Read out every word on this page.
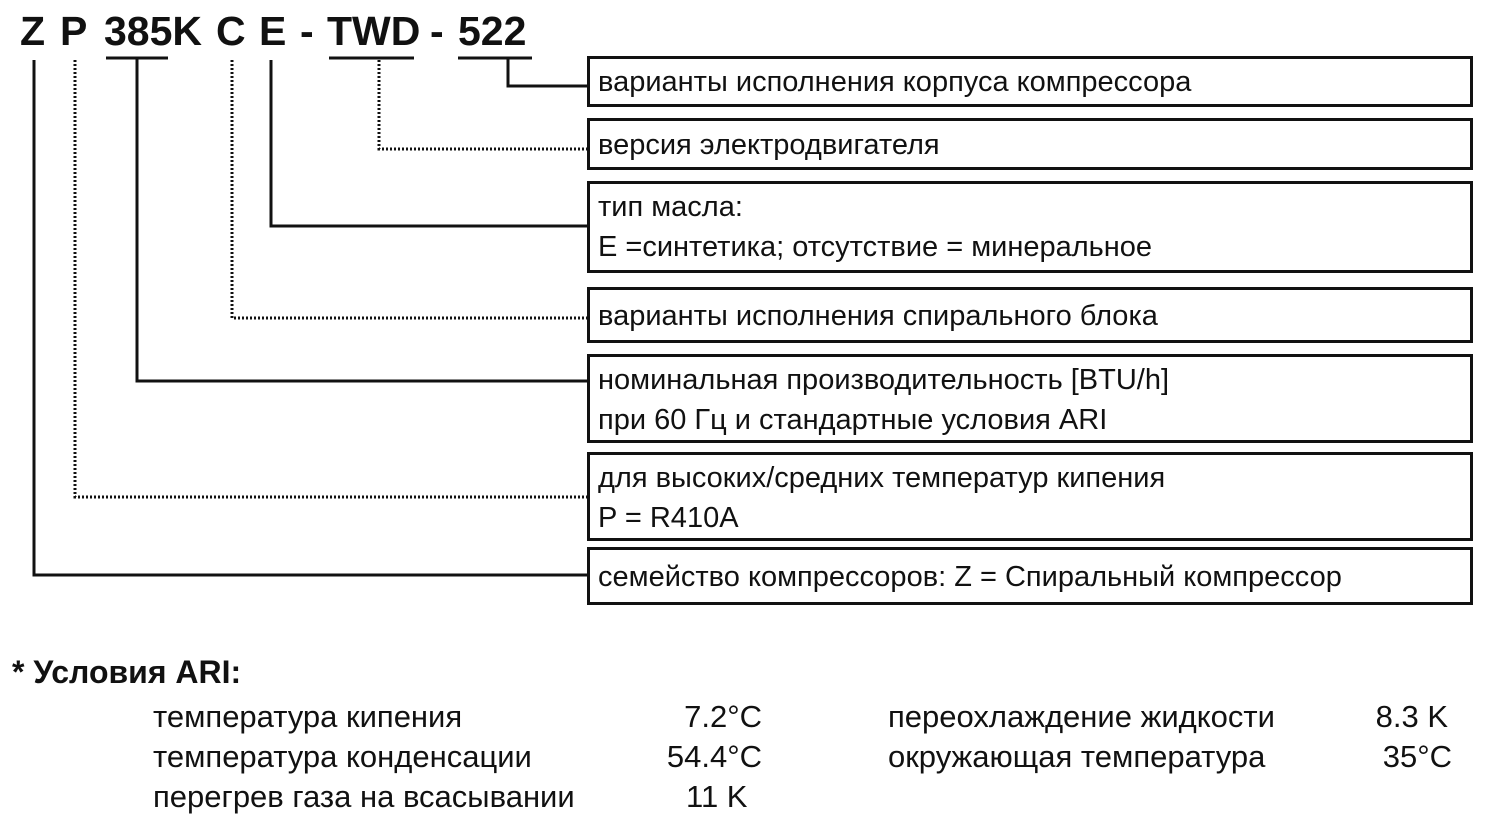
Z P 385K C E - TWD - 522
варианты исполнения корпуса компрессора
версия электродвигателя
тип масла:
E =синтетика; отсутствие = минеральное
варианты исполнения спирального блока
номинальная производительность [BTU/h]
при 60 Гц и стандартные условия ARI
для высоких/средних температур кипения
P = R410A
семейство компрессоров: Z = Спиральный компрессор
* Условия ARI:
температура кипения	7.2°C
температура конденсации	54.4°C
перегрев газа на всасывании	11 K
переохлаждение жидкости	8.3 K
окружающая температура	35°C
